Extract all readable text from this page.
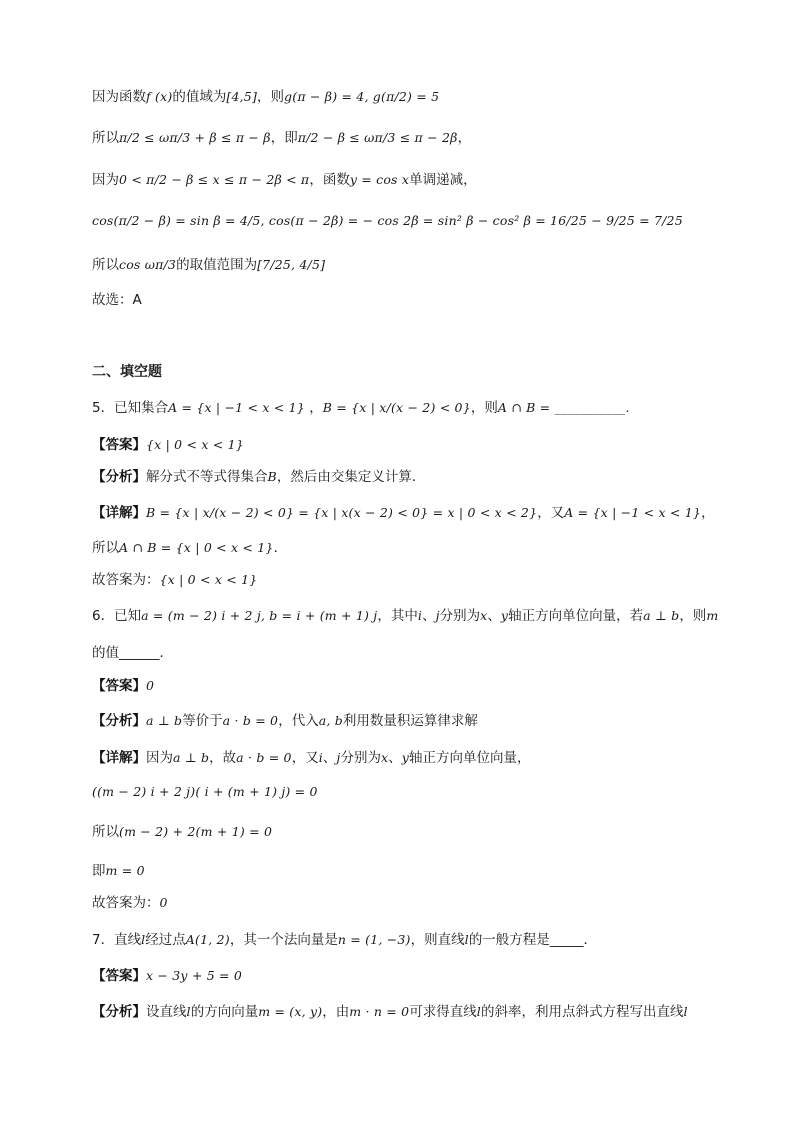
因为函数f (x)的值域为[4,5]，则g(π − β) = 4, g(π/2) = 5

所以π/2 ≤ ωπ/3 + β ≤ π − β，即π/2 − β ≤ ωπ/3 ≤ π − 2β，

因为0 < π/2 − β ≤ x ≤ π − 2β < π，函数y = cos x单调递减，

cos(π/2 − β) = sin β = 4/5, cos(π − 2β) = − cos 2β = sin² β − cos² β = 16/25 − 9/25 = 7/25

所以cos ωπ/3的取值范围为[7/25, 4/5]

故选：A

二、填空题

5．已知集合A = {x | −1 < x < 1} ，B = {x | x/(x − 2) < 0}，则A ∩ B = ___________.

【答案】{x | 0 < x < 1}

【分析】解分式不等式得集合B，然后由交集定义计算．

【详解】B = {x | x/(x − 2) < 0} = {x | x(x − 2) < 0} = x | 0 < x < 2}，又A = {x | −1 < x < 1}，

所以A ∩ B = {x | 0 < x < 1}．

故答案为：{x | 0 < x < 1}

6．已知a = (m − 2) i + 2 j, b = i + (m + 1) j，其中i、j分别为x、y轴正方向单位向量，若a ⊥ b，则m

的值______．

【答案】0

【分析】a ⊥ b等价于a · b = 0，代入a, b利用数量积运算律求解

【详解】因为a ⊥ b，故a · b = 0，又i、j分别为x、y轴正方向单位向量，

((m − 2) i + 2 j)( i + (m + 1) j) = 0

所以(m − 2) + 2(m + 1) = 0

即m = 0

故答案为：0

7．直线l经过点A(1, 2)，其一个法向量是n = (1, −3)，则直线l的一般方程是_____．

【答案】x − 3y + 5 = 0

【分析】设直线l的方向向量m = (x, y)，由m · n = 0可求得直线l的斜率，利用点斜式方程写出直线l
